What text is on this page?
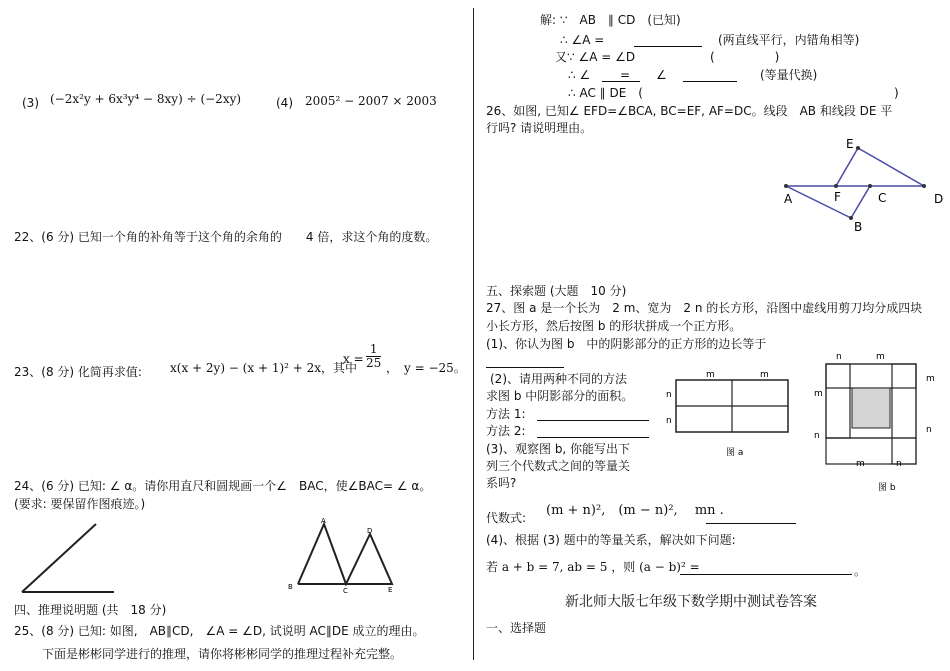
(3) (−2x²y + 6x³y⁴ − 8xy) ÷ (−2xy)	(4) 2005² − 2007 × 2003
22、(6 分) 已知一个角的补角等于这个角的余角的　　4 倍，求这个角的度数。
23、(8 分) 化简再求值: x(x + 2y) − (x + 1)² + 2x，其中
$x = \frac{1}{25}$ ，　y = −25。
24、(6 分) 已知: ∠ α。请你用直尺和圆规画一个∠　BAC，使∠BAC= ∠ α。
(要求: 要保留作图痕迹。)
A
D
B	C	E
四、推理说明题 (共　18 分)
25、(8 分) 已知: 如图,　AB∥CD,　∠A = ∠D, 试说明 AC∥DE 成立的理由。
下面是彬彬同学进行的推理，请你将彬彬同学的推理过程补充完整。
解: ∵　AB　∥ CD　(已知)
∴ ∠A =	(两直线平行，内错角相等)
又∵ ∠A = ∠D	(　　　　　)
∴ ∠ = ∠	(等量代换)
∴ AC ∥ DE　(	)
26、如图, 已知∠ EFD=∠BCA, BC=EF, AF=DC。线段　AB 和线段 DE 平
行吗? 请说明理由。
E
A	F	C	D
B
五、探索题 (大题　10 分)
27、图 a 是一个长为　2 m、宽为　2 n 的长方形，沿图中虚线用剪刀均分成四块
小长方形，然后按图 b 的形状拼成一个正方形。
(1)、你认为图 b　中的阴影部分的正方形的边长等于
(2)、请用两种不同的方法
求图 b 中阴影部分的面积。
方法 1:
方法 2:
(3)、观察图 b, 你能写出下
列三个代数式之间的等量关
系吗?
m	m
n
n
图 a
n	m
m
n
m
n
m	n
图 b
代数式: (m + n)²,　(m − n)²,　 mn .
(4)、根据 (3) 题中的等量关系，解决如下问题:
若 a + b = 7, ab = 5 ，则 (a − b)² =	。
新北师大版七年级下数学期中测试卷答案
一、选择题
